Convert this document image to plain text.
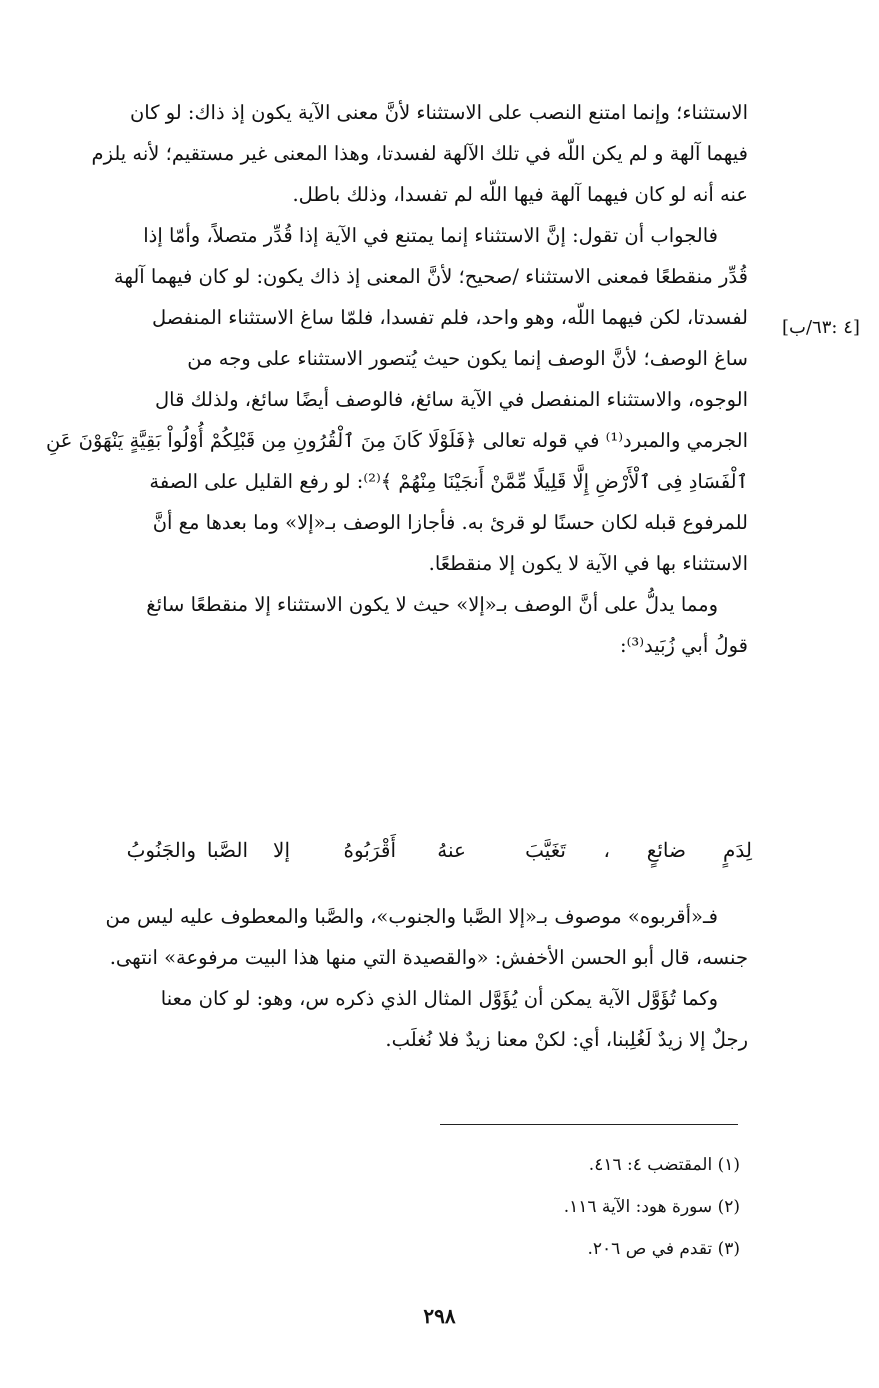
[٤ :٦٣/ب]
الاستثناء؛ وإنما امتنع النصب على الاستثناء لأنَّ معنى الآية يكون إذ ذاك: لو كان
فيهما آلهة و لم يكن اللّه في تلك الآلهة لفسدتا، وهذا المعنى غير مستقيم؛ لأنه يلزم
عنه أنه لو كان فيهما آلهة فيها اللّه لم تفسدا، وذلك باطل.
فالجواب أن تقول: إنَّ الاستثناء إنما يمتنع في الآية إذا قُدِّر متصلاً، وأمّا إذا
قُدِّر منقطعًا فمعنى الاستثناء /صحيح؛ لأنَّ المعنى إذ ذاك يكون: لو كان فيهما آلهة
لفسدتا، لكن فيهما اللّه، وهو واحد، فلم تفسدا، فلمّا ساغ الاستثناء المنفصل
ساغ الوصف؛ لأنَّ الوصف إنما يكون حيث يُتصور الاستثناء على وجه من
الوجوه، والاستثناء المنفصل في الآية سائغ، فالوصف أيضًا سائغ، ولذلك قال
الجرمي والمبرد⁽¹⁾ في قوله تعالى ﴿فَلَوْلَا كَانَ مِنَ ٱلْقُرُونِ مِن قَبْلِكُمْ أُوْلُواْ بَقِيَّةٍ يَنْهَوْنَ عَنِ
ٱلْفَسَادِ فِى ٱلْأَرْضِ إِلَّا قَلِيلًا مِّمَّنْ أَنجَيْنَا مِنْهُمْ ﴾⁽²⁾: لو رفع القليل على الصفة
للمرفوع قبله لكان حسنًا لو قرئ به. فأجازا الوصف بـ«إلا» وما بعدها مع أنَّ
الاستثناء بها في الآية لا يكون إلا منقطعًا.
ومما يدلُّ على أنَّ الوصف بـ«إلا» حيث لا يكون الاستثناء إلا منقطعًا سائغ
قولُ أبي زُبَيد⁽³⁾:
لِدَمٍ
ضائعٍ
،
تَغَيَّبَ
عنهُ
أَقْرَبُوهُ
إلا
الصَّبا
والجَنُوبُ
فـ«أقربوه» موصوف بـ«إلا الصَّبا والجنوب»، والصَّبا والمعطوف عليه ليس من
جنسه، قال أبو الحسن الأخفش: «والقصيدة التي منها هذا البيت مرفوعة» انتهى.
وكما تُؤَوَّل الآية يمكن أن يُؤَوَّل المثال الذي ذكره س، وهو: لو كان معنا
رجلٌ إلا زيدٌ لَغُلِبنا، أي: لكنْ معنا زيدٌ فلا نُغلَب.
(١) المقتضب ٤: ٤١٦.
(٢) سورة هود: الآية ١١٦.
(٣) تقدم في ص ٢٠٦.
٢٩٨
